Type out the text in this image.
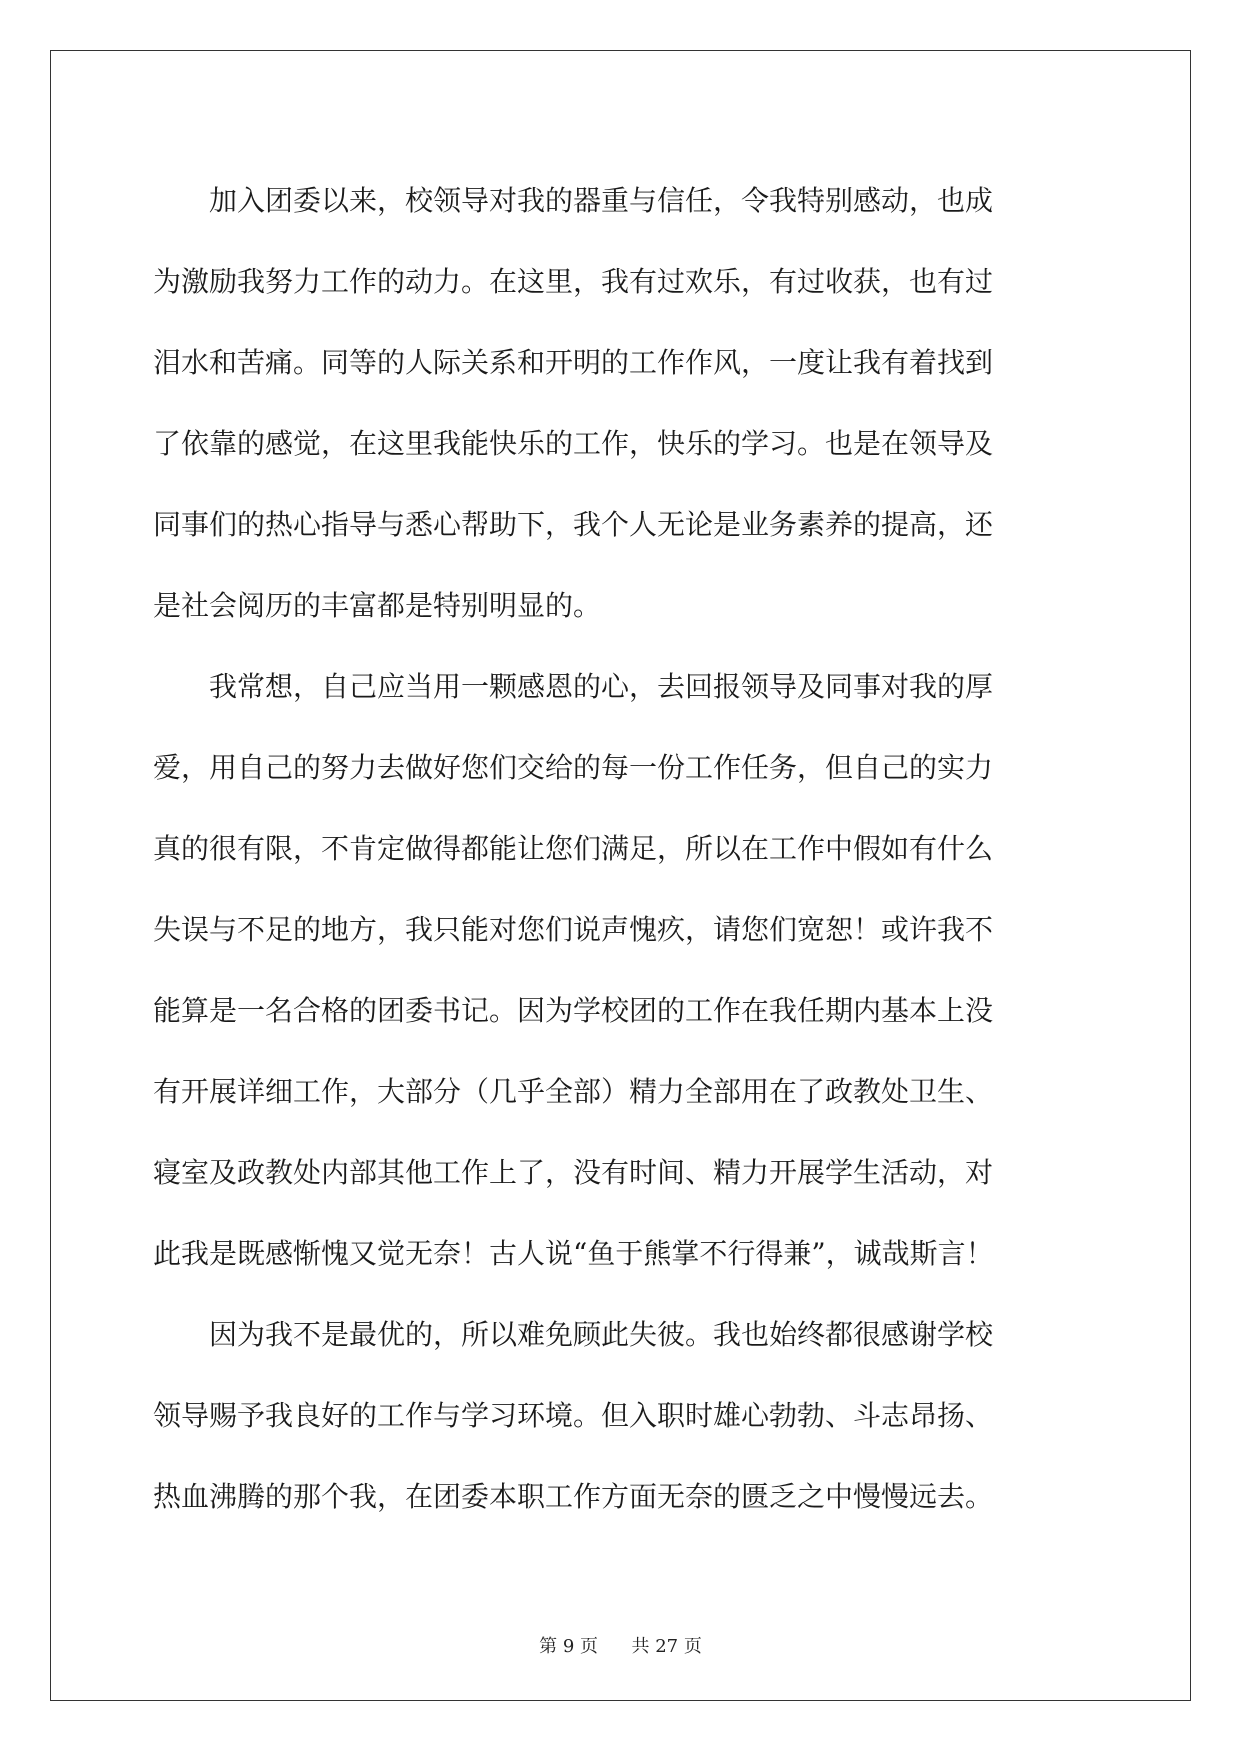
　　加入团委以来，校领导对我的器重与信任，令我特别感动，也成
为激励我努力工作的动力。在这里，我有过欢乐，有过收获，也有过
泪水和苦痛。同等的人际关系和开明的工作作风，一度让我有着找到
了依靠的感觉，在这里我能快乐的工作，快乐的学习。也是在领导及
同事们的热心指导与悉心帮助下，我个人无论是业务素养的提高，还
是社会阅历的丰富都是特别明显的。
　　我常想，自己应当用一颗感恩的心，去回报领导及同事对我的厚
爱，用自己的努力去做好您们交给的每一份工作任务，但自己的实力
真的很有限，不肯定做得都能让您们满足，所以在工作中假如有什么
失误与不足的地方，我只能对您们说声愧疚，请您们宽恕！或许我不
能算是一名合格的团委书记。因为学校团的工作在我任期内基本上没
有开展详细工作，大部分（几乎全部）精力全部用在了政教处卫生、
寝室及政教处内部其他工作上了，没有时间、精力开展学生活动，对
此我是既感惭愧又觉无奈！古人说“鱼于熊掌不行得兼”，诚哉斯言！
　　因为我不是最优的，所以难免顾此失彼。我也始终都很感谢学校
领导赐予我良好的工作与学习环境。但入职时雄心勃勃、斗志昂扬、
热血沸腾的那个我，在团委本职工作方面无奈的匮乏之中慢慢远去。
第 9 页 共 27 页
